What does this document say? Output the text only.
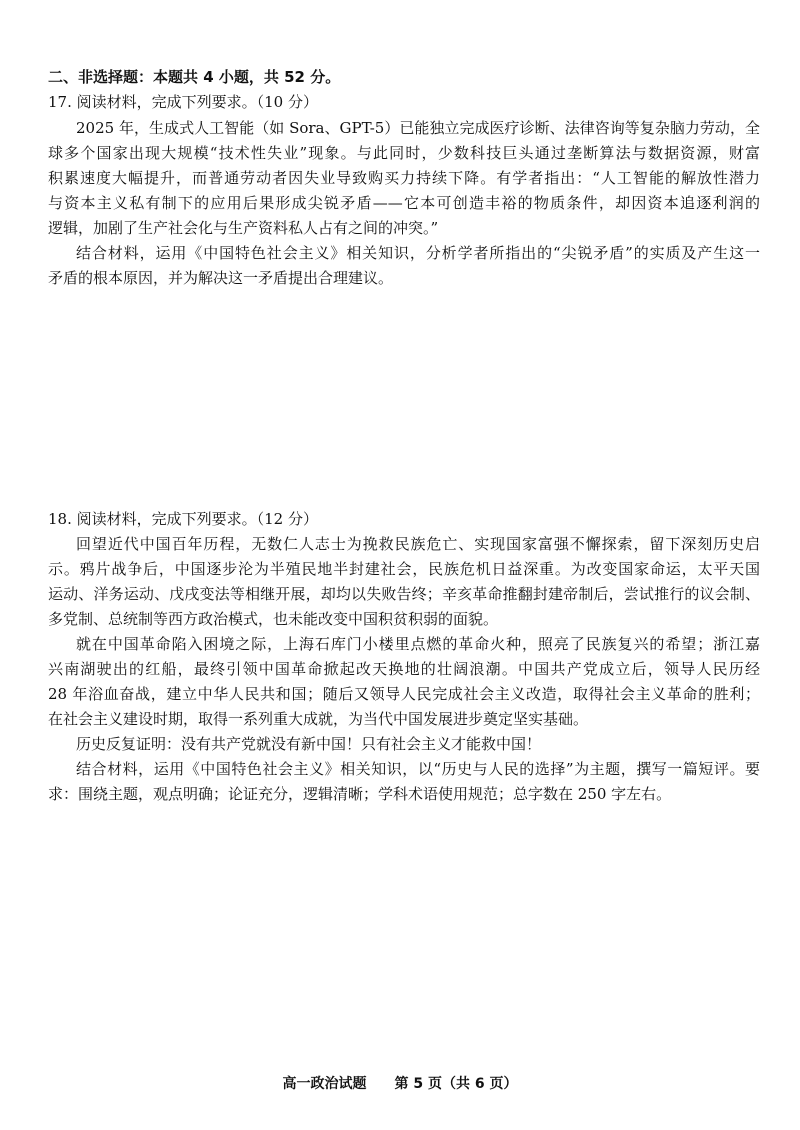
二、非选择题：本题共 4 小题，共 52 分。
17. 阅读材料，完成下列要求。（10 分）
2025 年，生成式人工智能（如 Sora、GPT-5）已能独立完成医疗诊断、法律咨询等复杂脑力劳动，全
球多个国家出现大规模“技术性失业”现象。与此同时，少数科技巨头通过垄断算法与数据资源，财富
积累速度大幅提升，而普通劳动者因失业导致购买力持续下降。有学者指出：“人工智能的解放性潜力
与资本主义私有制下的应用后果形成尖锐矛盾——它本可创造丰裕的物质条件，却因资本追逐利润的
逻辑，加剧了生产社会化与生产资料私人占有之间的冲突。”
结合材料，运用《中国特色社会主义》相关知识，分析学者所指出的“尖锐矛盾”的实质及产生这一
矛盾的根本原因，并为解决这一矛盾提出合理建议。
18. 阅读材料，完成下列要求。（12 分）
回望近代中国百年历程，无数仁人志士为挽救民族危亡、实现国家富强不懈探索，留下深刻历史启
示。鸦片战争后，中国逐步沦为半殖民地半封建社会，民族危机日益深重。为改变国家命运，太平天国
运动、洋务运动、戊戌变法等相继开展，却均以失败告终；辛亥革命推翻封建帝制后，尝试推行的议会制、
多党制、总统制等西方政治模式，也未能改变中国积贫积弱的面貌。
就在中国革命陷入困境之际，上海石库门小楼里点燃的革命火种，照亮了民族复兴的希望；浙江嘉
兴南湖驶出的红船，最终引领中国革命掀起改天换地的壮阔浪潮。中国共产党成立后，领导人民历经
28 年浴血奋战，建立中华人民共和国；随后又领导人民完成社会主义改造，取得社会主义革命的胜利；
在社会主义建设时期，取得一系列重大成就，为当代中国发展进步奠定坚实基础。
历史反复证明：没有共产党就没有新中国！只有社会主义才能救中国！
结合材料，运用《中国特色社会主义》相关知识，以“历史与人民的选择”为主题，撰写一篇短评。要
求：围绕主题，观点明确；论证充分，逻辑清晰；学科术语使用规范；总字数在 250 字左右。
高一政治试题 第 5 页（共 6 页）
